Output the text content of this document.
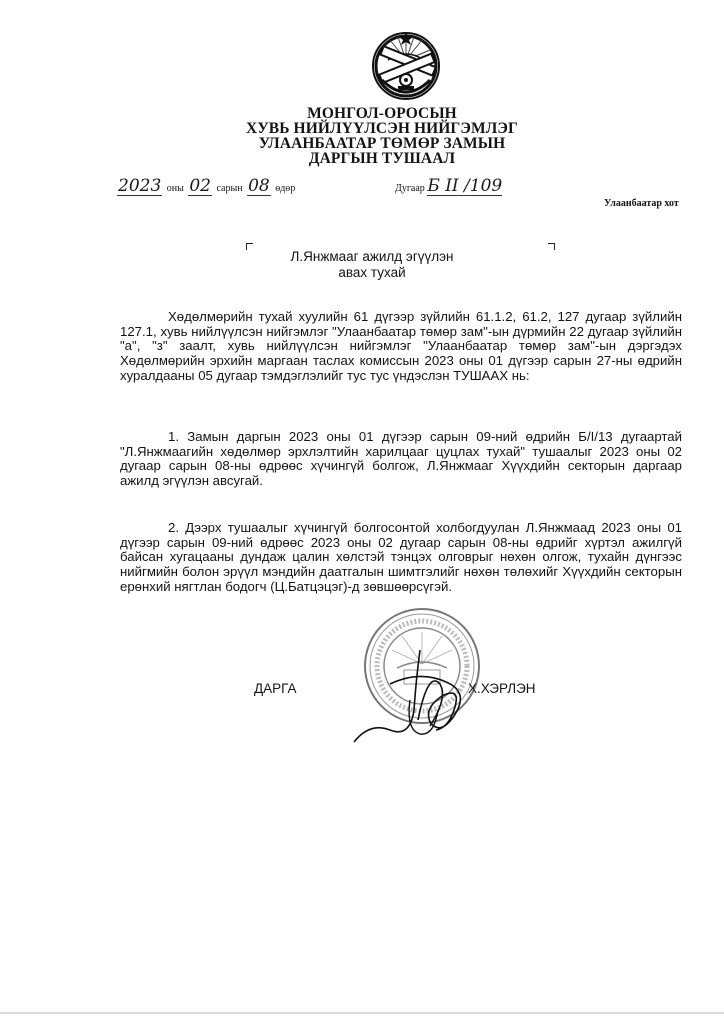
МОНГОЛ-ОРОСЫН
ХУВЬ НИЙЛҮҮЛСЭН НИЙГЭМЛЭГ
УЛААНБААТАР ТӨМӨР ЗАМЫН
ДАРГЫН ТУШААЛ
2023 оны 02 сарын 08 өдөр	Дугаар Б II /109
Улаанбаатар хот
Л.Янжмааг ажилд эгүүлэн
авах тухай
Хөдөлмөрийн тухай хуулийн 61 дүгээр зүйлийн 61.1.2, 61.2, 127 дугаар зүйлийн 127.1, хувь нийлүүлсэн нийгэмлэг "Улаанбаатар төмөр зам"-ын дүрмийн 22 дугаар зүйлийн "а", "з" заалт, хувь нийлүүлсэн нийгэмлэг "Улаанбаатар төмөр зам"-ын дэргэдэх Хөдөлмөрийн эрхийн маргаан таслах комиссын 2023 оны 01 дүгээр сарын 27-ны өдрийн хуралдааны 05 дугаар тэмдэглэлийг тус тус үндэслэн ТУШААХ нь:
1. Замын даргын 2023 оны 01 дүгээр сарын 09-ний өдрийн Б/I/13 дугаартай "Л.Янжмаагийн хөдөлмөр эрхлэлтийн харилцааг цуцлах тухай" тушаалыг 2023 оны 02 дугаар сарын 08-ны өдрөөс хүчингүй болгож, Л.Янжмааг Хүүхдийн секторын даргаар ажилд эгүүлэн авсугай.
2. Дээрх тушаалыг хүчингүй болгосонтой холбогдуулан Л.Янжмаад 2023 оны 01 дүгээр сарын 09-ний өдрөөс 2023 оны 02 дугаар сарын 08-ны өдрийг хүртэл ажилгүй байсан хугацааны дундаж цалин хөлстэй тэнцэх олговрыг нөхөн олгож, тухайн дүнгээс нийгмийн болон эрүүл мэндийн даатгалын шимтгэлийг нөхөн төлөхийг Хүүхдийн секторын ерөнхий нягтлан бодогч (Ц.Батцэцэг)-д зөвшөөрсүгэй.
ДАРГА	Х.ХЭРЛЭН
